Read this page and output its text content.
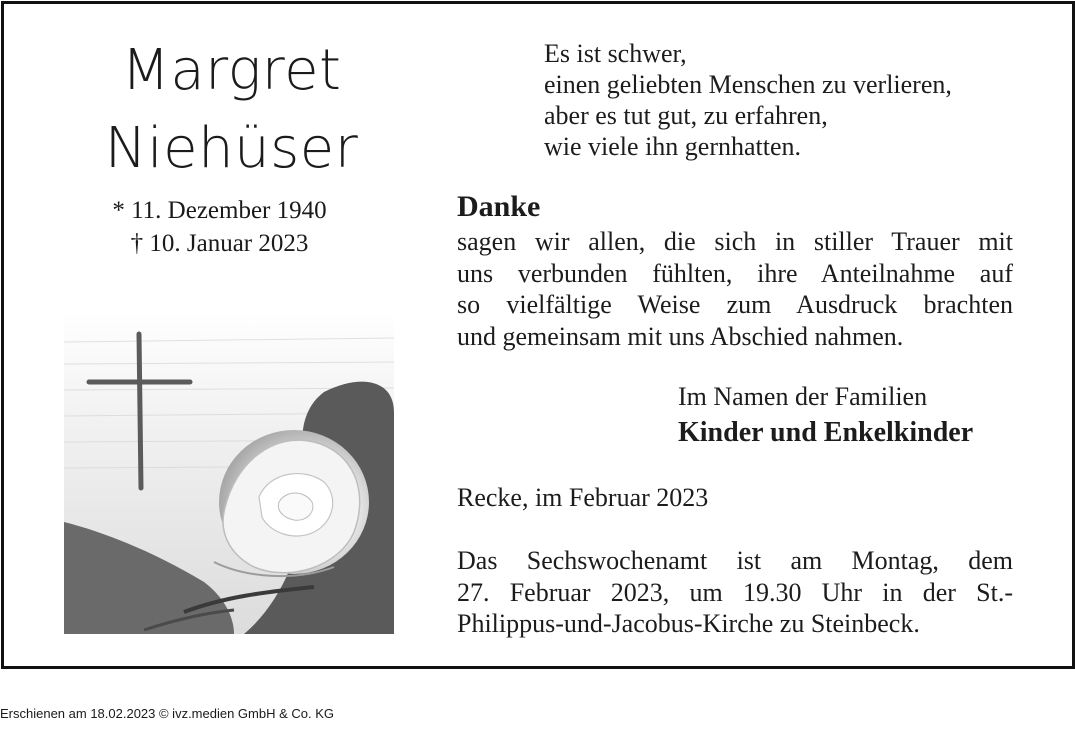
Margret
Niehüser
* 11. Dezember 1940
† 10. Januar 2023
Es ist schwer,
einen geliebten Menschen zu verlieren,
aber es tut gut, zu erfahren,
wie viele ihn gernhatten.
Danke
sagen wir allen, die sich in stiller Trauer mit
uns verbunden fühlten, ihre Anteilnahme auf
so vielfältige Weise zum Ausdruck brachten
und gemeinsam mit uns Abschied nahmen.
Im Namen der Familien
Kinder und Enkelkinder
Recke, im Februar 2023
Das Sechswochenamt ist am Montag, dem
27. Februar 2023, um 19.30 Uhr in der St.-
Philippus-und-Jacobus-Kirche zu Steinbeck.
Erschienen am 18.02.2023 © ivz.medien GmbH & Co. KG
